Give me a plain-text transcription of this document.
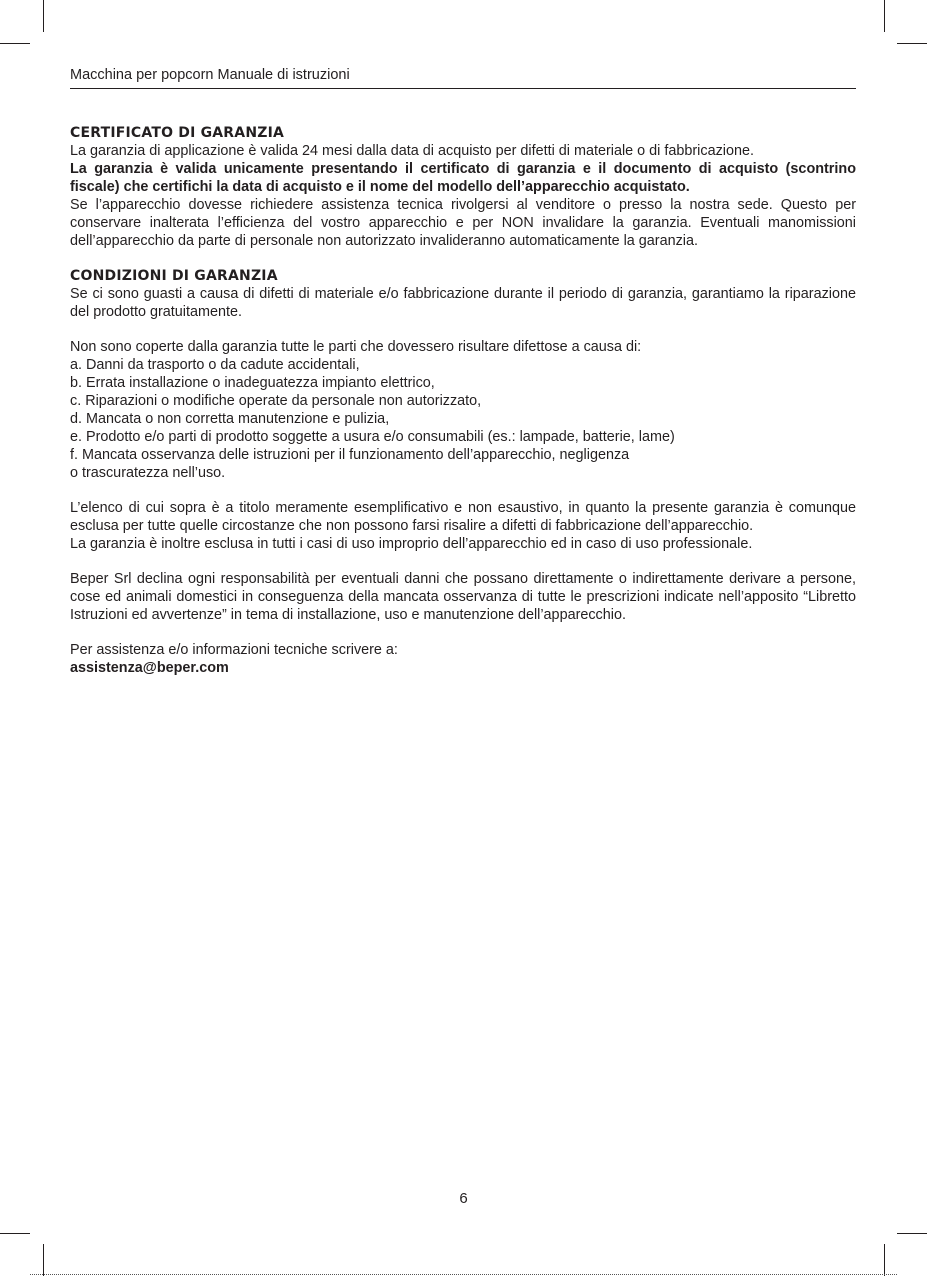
Macchina per popcorn Manuale di istruzioni

CERTIFICATO DI GARANZIA

La garanzia di applicazione è valida 24 mesi dalla data di acquisto per difetti di materiale o di fabbricazione.

La garanzia è valida unicamente presentando il certificato di garanzia e il documento di acquisto (scontrino fiscale) che certifichi la data di acquisto e il nome del modello dell’apparecchio acquistato.

Se l’apparecchio dovesse richiedere assistenza tecnica rivolgersi al venditore o presso la nostra sede. Questo per conservare inalterata l’efficienza del vostro apparecchio e per NON invalidare la garanzia. Eventuali manomissioni dell’apparecchio da parte di personale non autorizzato invalideranno automaticamente la garanzia.

CONDIZIONI DI GARANZIA

Se ci sono guasti a causa di difetti di materiale e/o fabbricazione durante il periodo di garanzia, garantiamo la riparazione del prodotto gratuitamente.

Non sono coperte dalla garanzia tutte le parti che dovessero risultare difettose a causa di:

a. Danni da trasporto o da cadute accidentali,

b. Errata installazione o inadeguatezza impianto elettrico,

c. Riparazioni o modifiche operate da personale non autorizzato,

d. Mancata o non corretta manutenzione e pulizia,

e. Prodotto e/o parti di prodotto soggette a usura e/o consumabili (es.: lampade, batterie, lame)

f. Mancata osservanza delle istruzioni per il funzionamento dell’apparecchio, negligenza

o trascuratezza nell’uso.

L’elenco di cui sopra è a titolo meramente esemplificativo e non esaustivo, in quanto la presente garanzia è comunque esclusa per tutte quelle circostanze che non possono farsi risalire a difetti di fabbricazione dell’apparecchio.

La garanzia è inoltre esclusa in tutti i casi di uso improprio dell’apparecchio ed in caso di uso professionale.

Beper Srl declina ogni responsabilità per eventuali danni che possano direttamente o indirettamente derivare a persone, cose ed animali domestici in conseguenza della mancata osservanza di tutte le prescrizioni indicate nell’apposito “Libretto Istruzioni ed avvertenze” in tema di installazione, uso e manutenzione dell’apparecchio.

Per assistenza e/o informazioni tecniche scrivere a:

assistenza@beper.com

6
